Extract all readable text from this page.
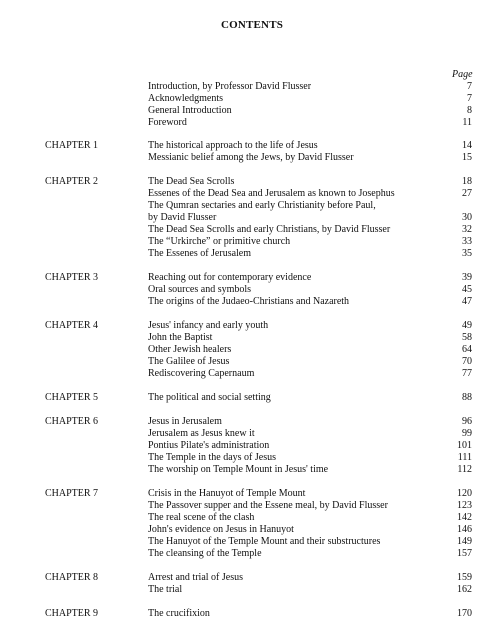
CONTENTS
Page
Introduction, by Professor David Flusser	7
Acknowledgments	7
General Introduction	8
Foreword	11
CHAPTER 1	The historical approach to the life of Jesus	14
Messianic belief among the Jews, by David Flusser	15
CHAPTER 2	The Dead Sea Scrolls	18
Essenes of the Dead Sea and Jerusalem as known to Josephus	27
The Qumran sectaries and early Christianity before Paul,
by David Flusser	30
The Dead Sea Scrolls and early Christians, by David Flusser	32
The “Urkirche” or primitive church	33
The Essenes of Jerusalem	35
CHAPTER 3	Reaching out for contemporary evidence	39
Oral sources and symbols	45
The origins of the Judaeo-Christians and Nazareth	47
CHAPTER 4	Jesus' infancy and early youth	49
John the Baptist	58
Other Jewish healers	64
The Galilee of Jesus	70
Rediscovering Capernaum	77
CHAPTER 5	The political and social setting	88
CHAPTER 6	Jesus in Jerusalem	96
Jerusalem as Jesus knew it	99
Pontius Pilate's administration	101
The Temple in the days of Jesus	111
The worship on Temple Mount in Jesus' time	112
CHAPTER 7	Crisis in the Hanuyot of Temple Mount	120
The Passover supper and the Essene meal, by David Flusser	123
The real scene of the clash	142
John's evidence on Jesus in Hanuyot	146
The Hanuyot of the Temple Mount and their substructures	149
The cleansing of the Temple	157
CHAPTER 8	Arrest and trial of Jesus	159
The trial	162
CHAPTER 9	The crucifixion	170
